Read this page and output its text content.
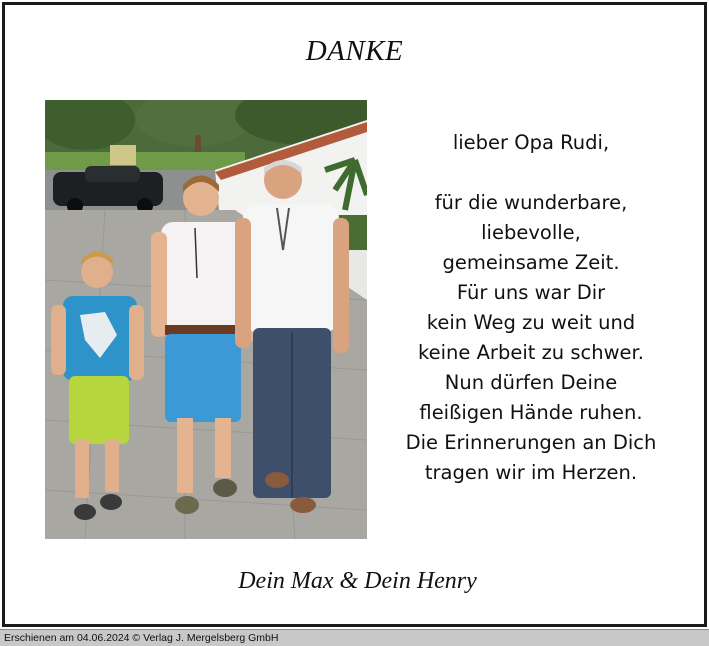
DANKE
lieber Opa Rudi,
für die wunderbare,
liebevolle,
gemeinsame Zeit.
Für uns war Dir
kein Weg zu weit und
keine Arbeit zu schwer.
Nun dürfen Deine
fleißigen Hände ruhen.
Die Erinnerungen an Dich
tragen wir im Herzen.
Dein Max & Dein Henry
Erschienen am 04.06.2024 © Verlag J. Mergelsberg GmbH
